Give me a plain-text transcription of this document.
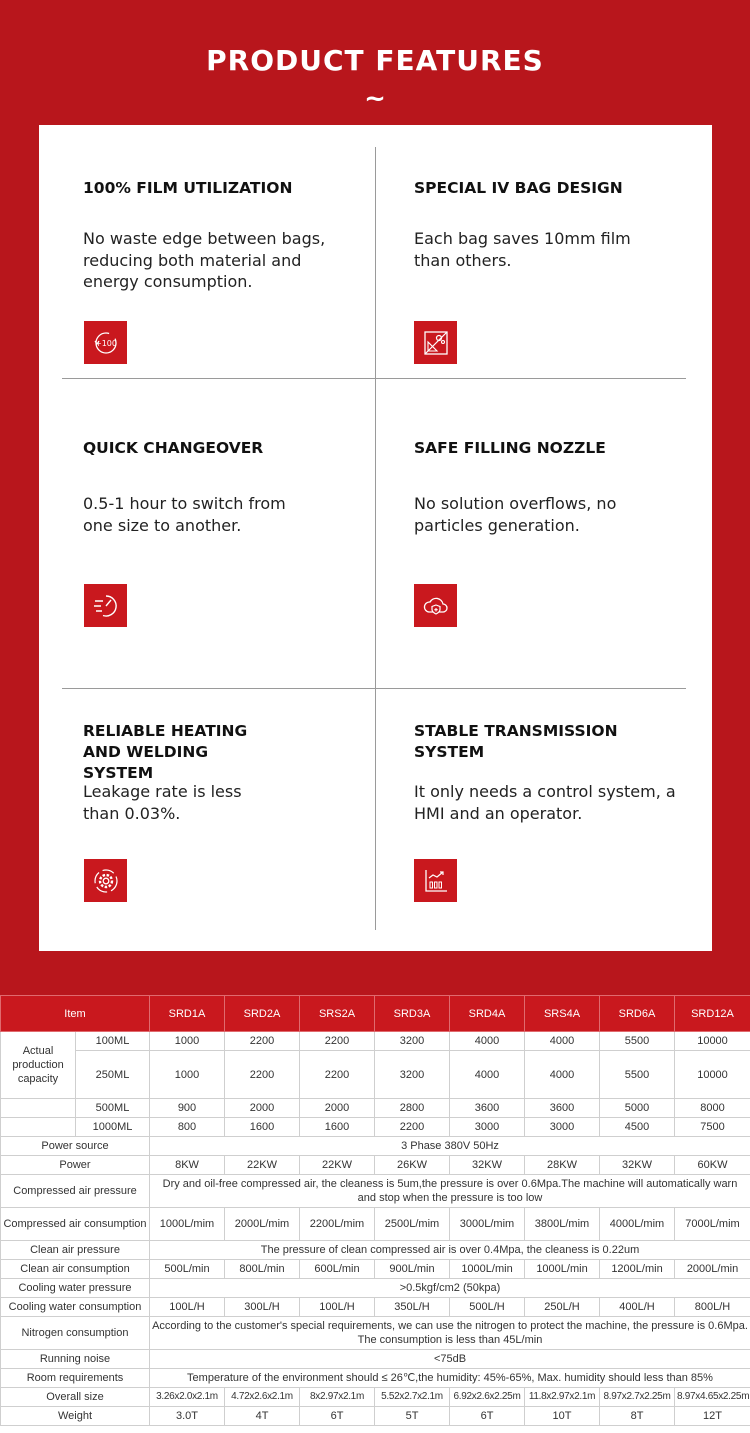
PRODUCT FEATURES
~
100% FILM UTILIZATION

No waste edge between bags, reducing both material and energy consumption.

+100
SPECIAL IV BAG DESIGN

Each bag saves 10mm film than others.

QUICK CHANGEOVER

0.5-1 hour to switch from one size to another.

SAFE FILLING NOZZLE

No solution overflows, no particles generation.

RELIABLE HEATING AND WELDING SYSTEM

Leakage rate is less than 0.03%.

STABLE TRANSMISSION SYSTEM

It only needs a control system, a HMI and an operator.

Item		SRD1A	SRD2A	SRS2A	SRD3A	SRD4A	SRS4A	SRD6A	SRD12A
Actual production capacity	100ML	1000	2200	2200	3200	4000	4000	5500	10000
	250ML	1000	2200	2200	3200	4000	4000	5500	10000
	500ML	900	2000	2000	2800	3600	3600	5000	8000
	1000ML	800	1600	1600	2200	3000	3000	4500	7500
Power source		3 Phase 380V 50Hz							
Power		8KW	22KW	22KW	26KW	32KW	28KW	32KW	60KW
Compressed air pressure		Dry and oil-free compressed air, the cleaness is 5um,the pressure is over 0.6Mpa.The machine will automatically warn and stop when the pressure is too low							
Compressed air consumption		1000L/mim	2000L/mim	2200L/mim	2500L/mim	3000L/mim	3800L/mim	4000L/mim	7000L/mim
Clean air pressure		The pressure of clean compressed air is over 0.4Mpa, the cleaness is 0.22um							
Clean air consumption		500L/min	800L/min	600L/min	900L/min	1000L/min	1000L/min	1200L/min	2000L/min
Cooling water pressure		>0.5kgf/cm2 (50kpa)							
Cooling water consumption		100L/H	300L/H	100L/H	350L/H	500L/H	250L/H	400L/H	800L/H
Nitrogen consumption		According to the customer's special requirements, we can use the nitrogen to protect the machine, the pressure is 0.6Mpa. The consumption is less than 45L/min							
Running noise		<75dB							
Room requirements		Temperature of the environment should ≤ 26℃,the humidity: 45%-65%, Max. humidity should less than 85%							
Overall size		3.26x2.0x2.1m	4.72x2.6x2.1m	8x2.97x2.1m	5.52x2.7x2.1m	6.92x2.6x2.25m	11.8x2.97x2.1m	8.97x2.7x2.25m	8.97x4.65x2.25m
Weight		3.0T	4T	6T	5T	6T	10T	8T	12T
